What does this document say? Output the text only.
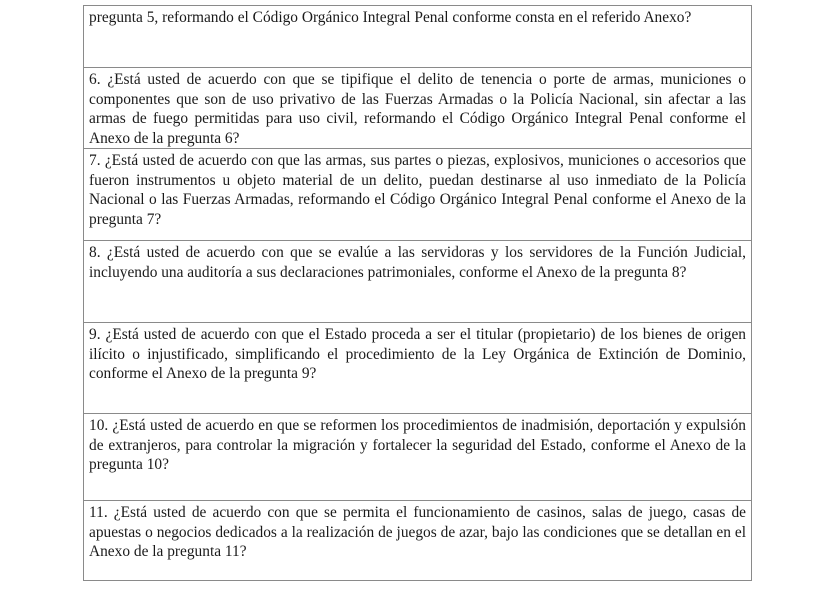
pregunta 5, reformando el Código Orgánico Integral Penal conforme consta en el referido Anexo?
6. ¿Está usted de acuerdo con que se tipifique el delito de tenencia o porte de armas, municiones o componentes que son de uso privativo de las Fuerzas Armadas o la Policía Nacional, sin afectar a las armas de fuego permitidas para uso civil, reformando el Código Orgánico Integral Penal conforme el Anexo de la pregunta 6?
7. ¿Está usted de acuerdo con que las armas, sus partes o piezas, explosivos, municiones o accesorios que fueron instrumentos u objeto material de un delito, puedan destinarse al uso inmediato de la Policía Nacional o las Fuerzas Armadas, reformando el Código Orgánico Integral Penal conforme el Anexo de la pregunta 7?
8. ¿Está usted de acuerdo con que se evalúe a las servidoras y los servidores de la Función Judicial, incluyendo una auditoría a sus declaraciones patrimoniales, conforme el Anexo de la pregunta 8?
9. ¿Está usted de acuerdo con que el Estado proceda a ser el titular (propietario) de los bienes de origen ilícito o injustificado, simplificando el procedimiento de la Ley Orgánica de Extinción de Dominio, conforme el Anexo de la pregunta 9?
10. ¿Está usted de acuerdo en que se reformen los procedimientos de inadmisión, deportación y expulsión de extranjeros, para controlar la migración y fortalecer la seguridad del Estado, conforme el Anexo de la pregunta 10?
11. ¿Está usted de acuerdo con que se permita el funcionamiento de casinos, salas de juego, casas de apuestas o negocios dedicados a la realización de juegos de azar, bajo las condiciones que se detallan en el Anexo de la pregunta 11?
